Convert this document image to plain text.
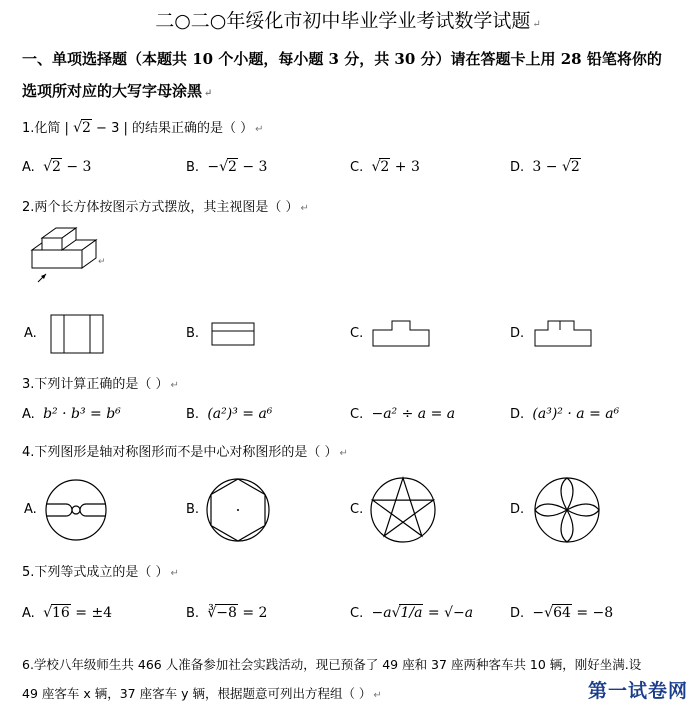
二○二○年绥化市初中毕业学业考试数学试题 ↵
一、单项选择题（本题共 10 个小题，每小题 3 分，共 30 分）请在答题卡上用 28 铅笔将你的
选项所对应的大写字母涂黑 ↵
1.化简 | √2 − 3 | 的结果正确的是（ ） ↵
A. √2 − 3	B. −√2 − 3	C. √2 + 3	D. 3 − √2
2.两个长方体按图示方式摆放，其主视图是（ ） ↵
↵
A.	B.	C.	D.
3.下列计算正确的是（ ） ↵
A. b² · b³ = b⁶	B. (a²)³ = a⁶	C. −a² ÷ a = a	D. (a³)² · a = a⁶
4.下列图形是轴对称图形而不是中心对称图形的是（ ） ↵
A.	B.	C.	D.
5.下列等式成立的是（ ） ↵
A. √16 = ±4	B. ∛−8 = 2	C. −a√1/a = √−a	D. −√64 = −8
6.学校八年级师生共 466 人准备参加社会实践活动，现已预备了 49 座和 37 座两种客车共 10 辆，刚好坐满.设
49 座客车 x 辆，37 座客车 y 辆，根据题意可列出方程组（ ） ↵	第一试卷网
